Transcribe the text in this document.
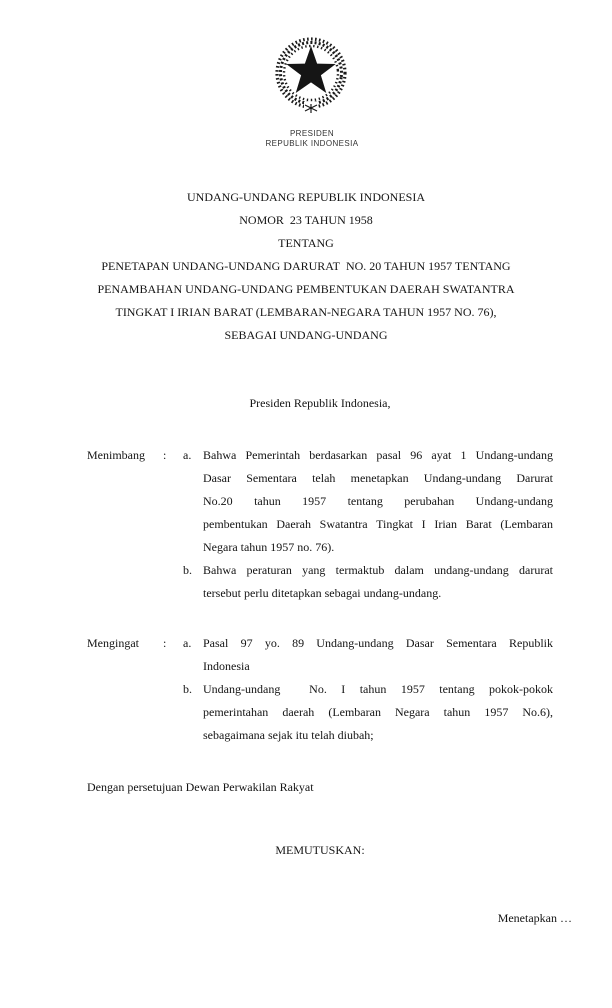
PRESIDEN
REPUBLIK INDONESIA
UNDANG-UNDANG REPUBLIK INDONESIA
NOMOR  23 TAHUN 1958
TENTANG
PENETAPAN UNDANG-UNDANG DARURAT  NO. 20 TAHUN 1957 TENTANG
PENAMBAHAN UNDANG-UNDANG PEMBENTUKAN DAERAH SWATANTRA
TINGKAT I IRIAN BARAT (LEMBARAN-NEGARA TAHUN 1957 NO. 76),
SEBAGAI UNDANG-UNDANG
Presiden Republik Indonesia,
Menimbang	:	a. Bahwa Pemerintah berdasarkan pasal 96 ayat 1 Undang-undang
Dasar Sementara telah menetapkan Undang-undang Darurat
No.20 tahun 1957 tentang perubahan Undang-undang
pembentukan Daerah Swatantra Tingkat I Irian Barat (Lembaran
Negara tahun 1957 no. 76).
b. Bahwa peraturan yang termaktub dalam undang-undang darurat
tersebut perlu ditetapkan sebagai undang-undang.
Mengingat	:	a. Pasal 97 yo. 89 Undang-undang Dasar Sementara Republik
Indonesia
b. Undang-undang  No. I tahun 1957 tentang pokok-pokok
pemerintahan daerah (Lembaran Negara tahun 1957 No.6),
sebagaimana sejak itu telah diubah;
Dengan persetujuan Dewan Perwakilan Rakyat
MEMUTUSKAN:
Menetapkan …
